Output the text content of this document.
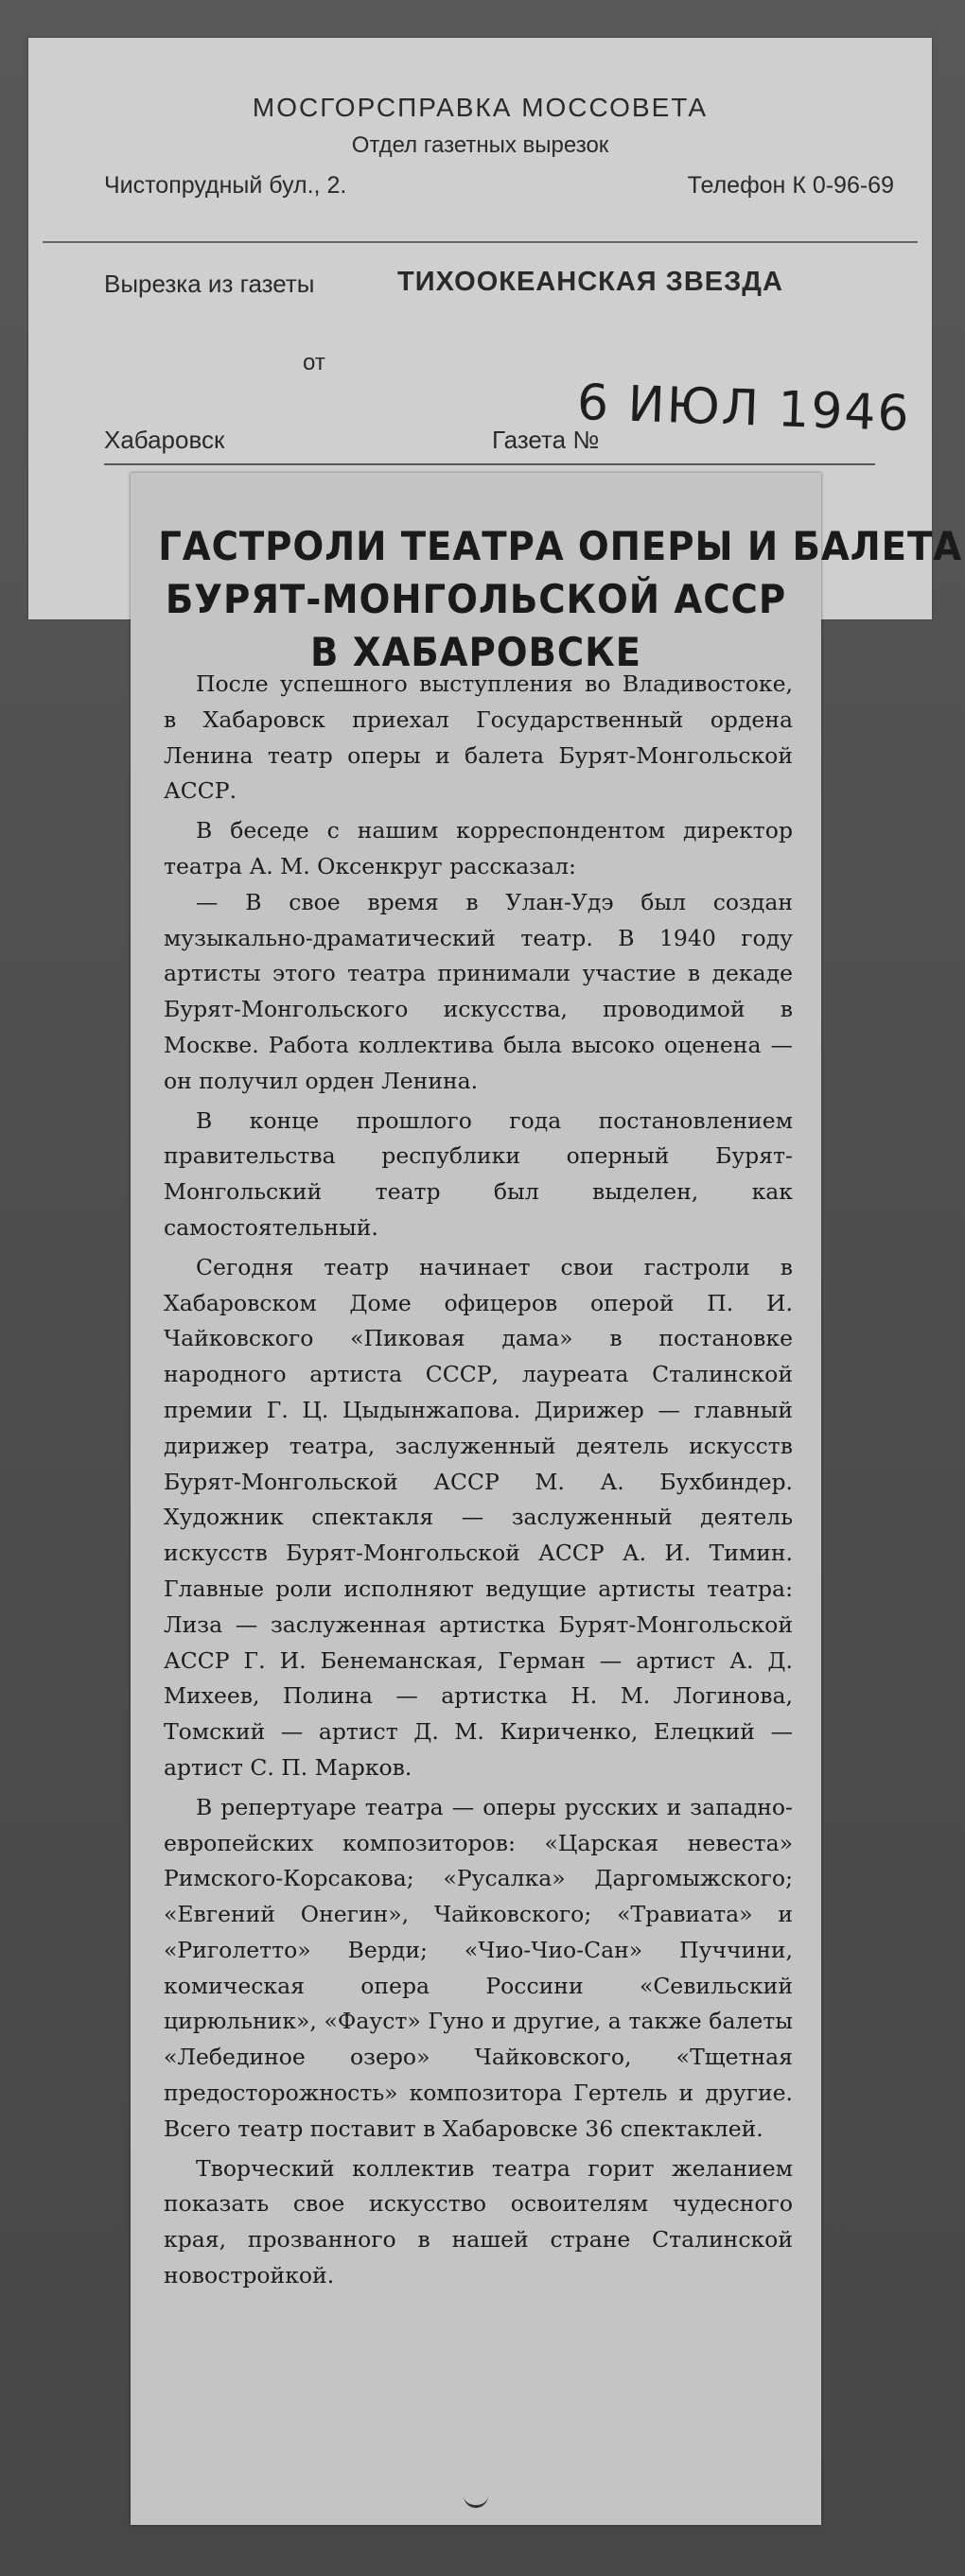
МОСГОРСПРАВКА МОССОВЕТА
Отдел газетных вырезок
Чистопрудный бул., 2.	Телефон К 0-96-69
Вырезка из газеты	ТИХООКЕАНСКАЯ ЗВЕЗДА
от
6 ИЮЛ 1946
Хабаровск	Газета №
ГАСТРОЛИ ТЕАТРА ОПЕРЫ И БАЛЕТА
БУРЯТ-МОНГОЛЬСКОЙ АССР
В ХАБАРОВСКЕ

После успешного выступления во Владивостоке, в Хабаровск приехал Государственный ордена Ленина театр оперы и балета Бурят-Монгольской АССР.

В беседе с нашим корреспондентом директор театра А. М. Оксенкруг рассказал:

— В свое время в Улан-Удэ был создан музыкально-драматический театр. В 1940 году артисты этого театра принимали участие в декаде Бурят-Монгольского искусства, проводимой в Москве. Работа коллектива была высоко оценена — он получил орден Ленина.

В конце прошлого года постановлением правительства республики оперный Бурят-Монгольский театр был выделен, как самостоятельный.

Сегодня театр начинает свои гастроли в Хабаровском Доме офицеров оперой П. И. Чайковского «Пиковая дама» в постановке народного артиста СССР, лауреата Сталинской премии Г. Ц. Цыдынжапова. Дирижер — главный дирижер театра, заслуженный деятель искусств Бурят-Монгольской АССР М. А. Бухбиндер. Художник спектакля — заслуженный деятель искусств Бурят-Монгольской АССР А. И. Тимин. Главные роли исполняют ведущие артисты театра: Лиза — заслуженная артистка Бурят-Монгольской АССР Г. И. Бенеманская, Герман — артист А. Д. Михеев, Полина — артистка Н. М. Логинова, Томский — артист Д. М. Кириченко, Елецкий — артист С. П. Марков.

В репертуаре театра — оперы русских и западно-европейских композиторов: «Царская невеста» Римского-Корсакова; «Русалка» Даргомыжского; «Евгений Онегин», Чайковского; «Травиата» и «Риголетто» Верди; «Чио-Чио-Сан» Пуччини, комическая опера Россини «Севильский цирюльник», «Фауст» Гуно и другие, а также балеты «Лебединое озеро» Чайковского, «Тщетная предосторожность» композитора Гертель и другие. Всего театр поставит в Хабаровске 36 спектаклей.

Творческий коллектив театра горит желанием показать свое искусство освоителям чудесного края, прозванного в нашей стране Сталинской новостройкой.
